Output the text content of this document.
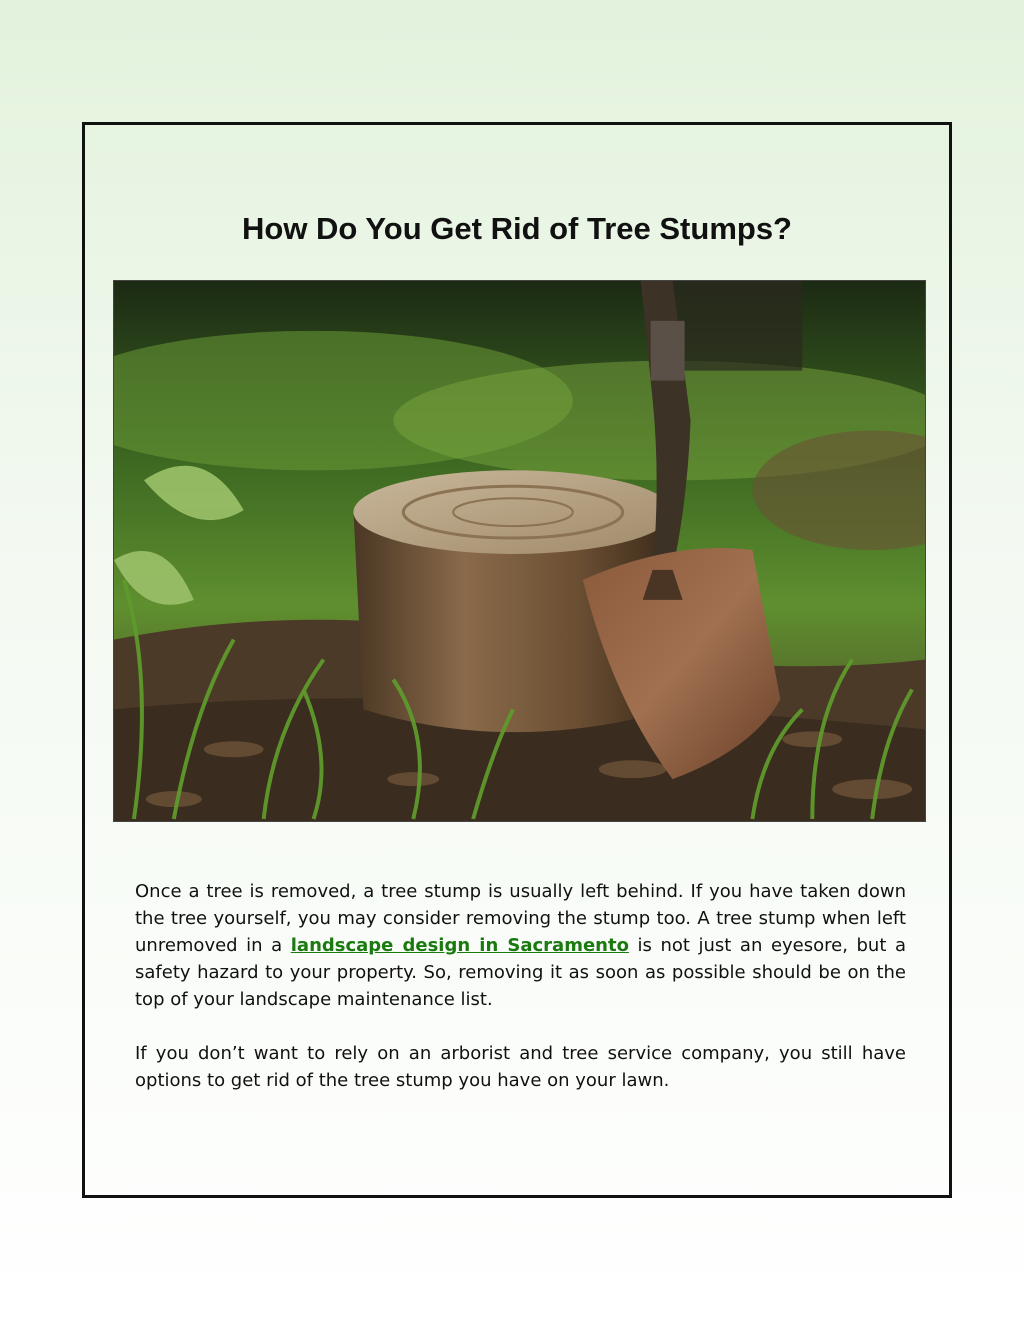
How Do You Get Rid of Tree Stumps?

Once a tree is removed, a tree stump is usually left behind. If you have taken down the tree yourself, you may consider removing the stump too. A tree stump when left unremoved in a landscape design in Sacramento is not just an eyesore, but a safety hazard to your property. So, removing it as soon as possible should be on the top of your landscape maintenance list.

If you don’t want to rely on an arborist and tree service company, you still have options to get rid of the tree stump you have on your lawn.
